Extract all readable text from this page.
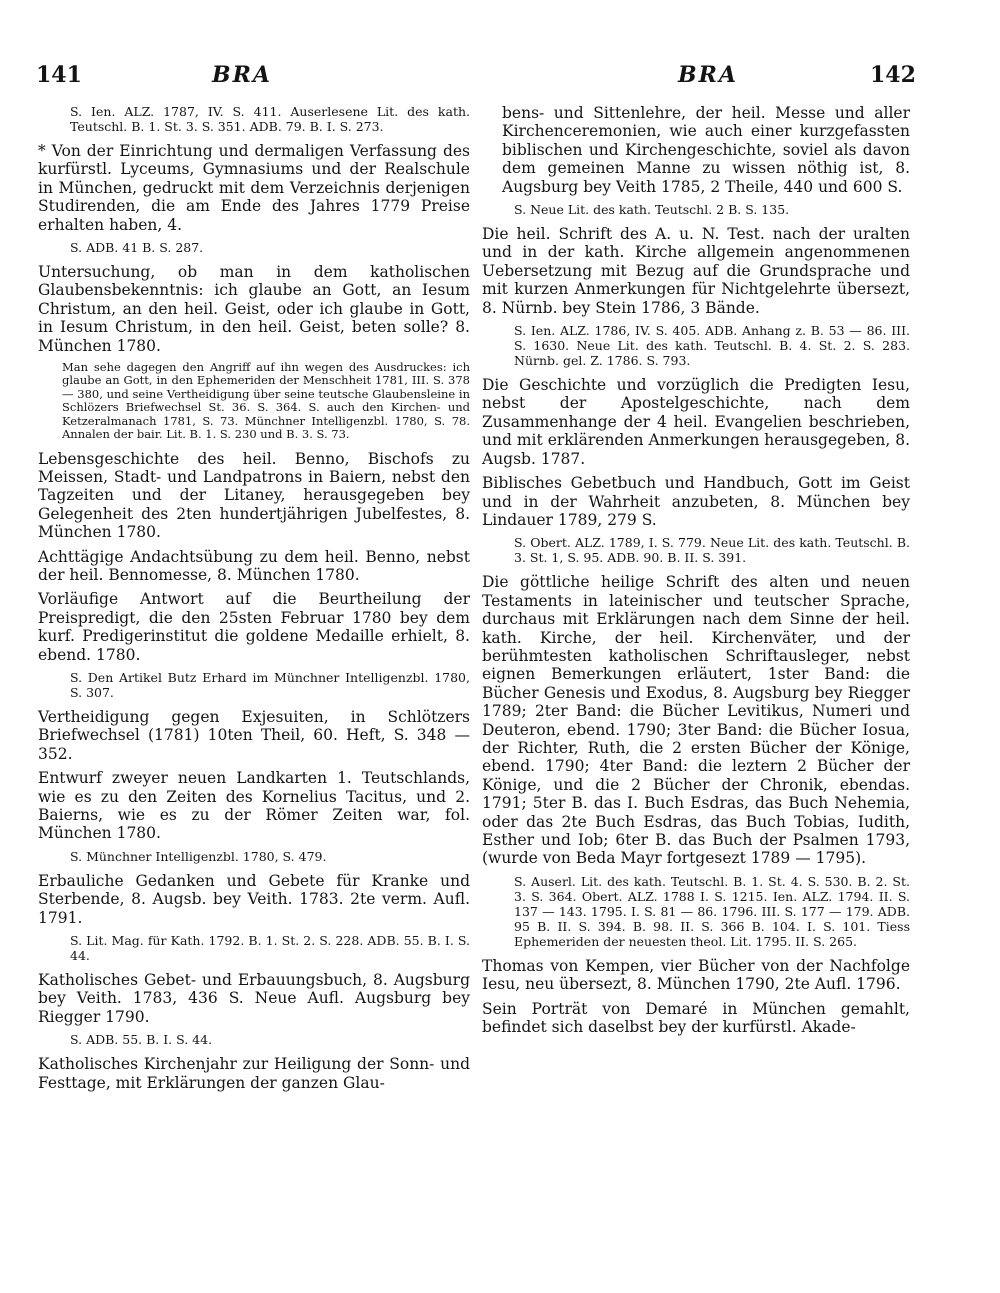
141	BRA	BRA	142

S. Ien. ALZ. 1787, IV. S. 411. Auserlesene Lit. des kath. Teutschl. B. 1. St. 3. S. 351. ADB. 79. B. I. S. 273.

* Von der Einrichtung und dermaligen Verfassung des kurfürstl. Lyceums, Gymnasiums und der Realschule in München, gedruckt mit dem Verzeichnis derjenigen Studirenden, die am Ende des Jahres 1779 Preise erhalten haben, 4.

S. ADB. 41 B. S. 287.

Untersuchung, ob man in dem katholischen Glaubensbekenntnis: ich glaube an Gott, an Iesum Christum, an den heil. Geist, oder ich glaube in Gott, in Iesum Christum, in den heil. Geist, beten solle? 8. München 1780.

Man sehe dagegen den Angriff auf ihn wegen des Ausdruckes: ich glaube an Gott, in den Ephemeriden der Menschheit 1781, III. S. 378 — 380, und seine Vertheidigung über seine teutsche Glaubensleine in Schlözers Briefwechsel St. 36. S. 364. S. auch den Kirchen- und Ketzeralmanach 1781, S. 73. Münchner Intelligenzbl. 1780, S. 78. Annalen der bair. Lit. B. 1. S. 230 und B. 3. S. 73.

Lebensgeschichte des heil. Benno, Bischofs zu Meissen, Stadt- und Landpatrons in Baiern, nebst den Tagzeiten und der Litaney, herausgegeben bey Gelegenheit des 2ten hundertjährigen Jubelfestes, 8. München 1780.

Achttägige Andachtsübung zu dem heil. Benno, nebst der heil. Bennomesse, 8. München 1780.

Vorläufige Antwort auf die Beurtheilung der Preispredigt, die den 25sten Februar 1780 bey dem kurf. Predigerinstitut die goldene Medaille erhielt, 8. ebend. 1780.

S. Den Artikel Butz Erhard im Münchner Intelligenzbl. 1780, S. 307.

Vertheidigung gegen Exjesuiten, in Schlötzers Briefwechsel (1781) 10ten Theil, 60. Heft, S. 348 — 352.

Entwurf zweyer neuen Landkarten 1. Teutschlands, wie es zu den Zeiten des Kornelius Tacitus, und 2. Baierns, wie es zu der Römer Zeiten war, fol. München 1780.

S. Münchner Intelligenzbl. 1780, S. 479.

Erbauliche Gedanken und Gebete für Kranke und Sterbende, 8. Augsb. bey Veith. 1783. 2te verm. Aufl. 1791.

S. Lit. Mag. für Kath. 1792. B. 1. St. 2. S. 228. ADB. 55. B. I. S. 44.

Katholisches Gebet- und Erbauungsbuch, 8. Augsburg bey Veith. 1783, 436 S. Neue Aufl. Augsburg bey Riegger 1790.

S. ADB. 55. B. I. S. 44.

Katholisches Kirchenjahr zur Heiligung der Sonn- und Festtage, mit Erklärungen der ganzen Glau-

bens- und Sittenlehre, der heil. Messe und aller Kirchenceremonien, wie auch einer kurzgefassten biblischen und Kirchengeschichte, soviel als davon dem gemeinen Manne zu wissen nöthig ist, 8. Augsburg bey Veith 1785, 2 Theile, 440 und 600 S.

S. Neue Lit. des kath. Teutschl. 2 B. S. 135.

Die heil. Schrift des A. u. N. Test. nach der uralten und in der kath. Kirche allgemein angenommenen Uebersetzung mit Bezug auf die Grundsprache und mit kurzen Anmerkungen für Nichtgelehrte übersezt, 8. Nürnb. bey Stein 1786, 3 Bände.

S. Ien. ALZ. 1786, IV. S. 405. ADB. Anhang z. B. 53 — 86. III. S. 1630. Neue Lit. des kath. Teutschl. B. 4. St. 2. S. 283. Nürnb. gel. Z. 1786. S. 793.

Die Geschichte und vorzüglich die Predigten Iesu, nebst der Apostelgeschichte, nach dem Zusammenhange der 4 heil. Evangelien beschrieben, und mit erklärenden Anmerkungen herausgegeben, 8. Augsb. 1787.

Biblisches Gebetbuch und Handbuch, Gott im Geist und in der Wahrheit anzubeten, 8. München bey Lindauer 1789, 279 S.

S. Obert. ALZ. 1789, I. S. 779. Neue Lit. des kath. Teutschl. B. 3. St. 1, S. 95. ADB. 90. B. II. S. 391.

Die göttliche heilige Schrift des alten und neuen Testaments in lateinischer und teutscher Sprache, durchaus mit Erklärungen nach dem Sinne der heil. kath. Kirche, der heil. Kirchenväter, und der berühmtesten katholischen Schriftausleger, nebst eignen Bemerkungen erläutert, 1ster Band: die Bücher Genesis und Exodus, 8. Augsburg bey Riegger 1789; 2ter Band: die Bücher Levitikus, Numeri und Deuteron, ebend. 1790; 3ter Band: die Bücher Iosua, der Richter, Ruth, die 2 ersten Bücher der Könige, ebend. 1790; 4ter Band: die leztern 2 Bücher der Könige, und die 2 Bücher der Chronik, ebendas. 1791; 5ter B. das I. Buch Esdras, das Buch Nehemia, oder das 2te Buch Esdras, das Buch Tobias, Iudith, Esther und Iob; 6ter B. das Buch der Psalmen 1793, (wurde von Beda Mayr fortgesezt 1789 — 1795).

S. Auserl. Lit. des kath. Teutschl. B. 1. St. 4. S. 530. B. 2. St. 3. S. 364. Obert. ALZ. 1788 I. S. 1215. Ien. ALZ. 1794. II. S. 137 — 143. 1795. I. S. 81 — 86. 1796. III. S. 177 — 179. ADB. 95 B. II. S. 394. B. 98. II. S. 366 B. 104. I. S. 101. Tiess Ephemeriden der neuesten theol. Lit. 1795. II. S. 265.

Thomas von Kempen, vier Bücher von der Nachfolge Iesu, neu übersezt, 8. München 1790, 2te Aufl. 1796.

Sein Porträt von Demaré in München gemahlt, befindet sich daselbst bey der kurfürstl. Akade-
